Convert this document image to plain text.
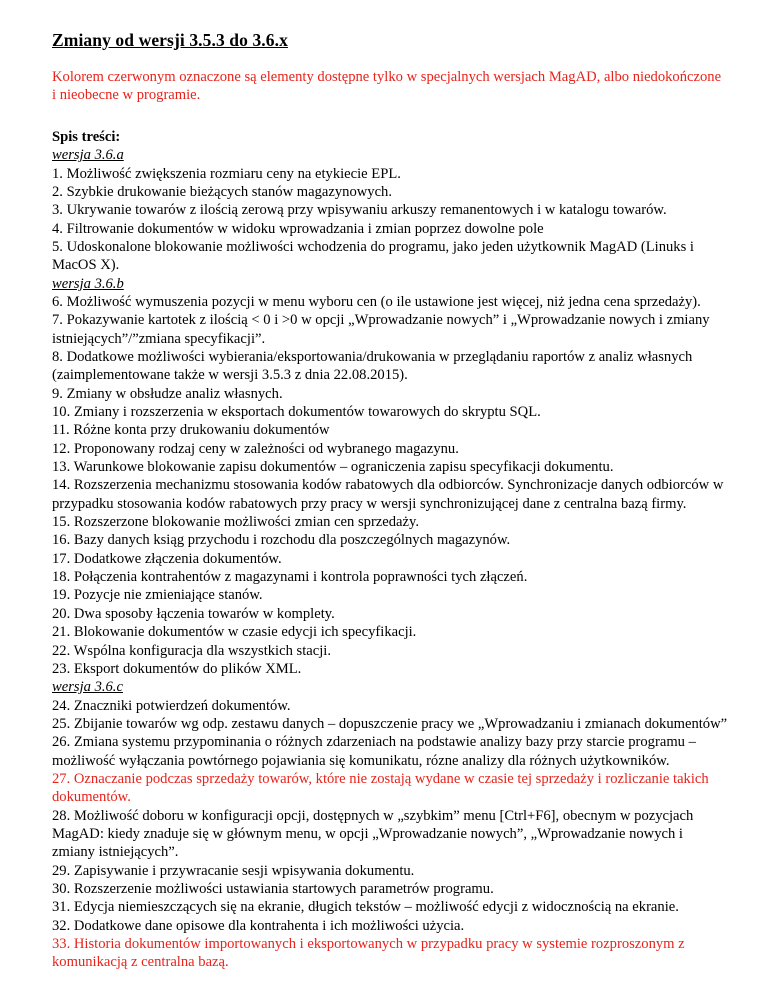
Zmiany od wersji 3.5.3 do 3.6.x

Kolorem czerwonym oznaczone są elementy dostępne tylko w specjalnych wersjach MagAD, albo niedokończone i nieobecne w programie.

Spis treści:
wersja 3.6.a
1. Możliwość zwiększenia rozmiaru ceny na etykiecie EPL.
2. Szybkie drukowanie bieżących stanów magazynowych.
3. Ukrywanie towarów z ilością zerową przy wpisywaniu arkuszy remanentowych i w katalogu towarów.
4. Filtrowanie dokumentów w widoku wprowadzania i zmian poprzez dowolne pole
5. Udoskonalone blokowanie możliwości wchodzenia do programu, jako jeden użytkownik MagAD (Linuks i MacOS X).
wersja 3.6.b
6. Możliwość wymuszenia pozycji w menu wyboru cen (o ile ustawione jest więcej, niż jedna cena sprzedaży).
7. Pokazywanie kartotek z ilością < 0 i >0 w opcji „Wprowadzanie nowych” i „Wprowadzanie nowych i zmiany istniejących”/”zmiana specyfikacji”.
8. Dodatkowe możliwości wybierania/eksportowania/drukowania w przeglądaniu raportów z analiz własnych (zaimplementowane także w wersji 3.5.3 z dnia 22.08.2015).
9. Zmiany w obsłudze analiz własnych.
10. Zmiany i rozszerzenia w eksportach dokumentów towarowych do skryptu SQL.
11. Różne konta przy drukowaniu dokumentów
12. Proponowany rodzaj ceny w zależności od wybranego magazynu.
13. Warunkowe blokowanie zapisu dokumentów – ograniczenia zapisu specyfikacji dokumentu.
14. Rozszerzenia mechanizmu stosowania kodów rabatowych dla odbiorców. Synchronizacje danych odbiorców w przypadku stosowania kodów rabatowych przy pracy w wersji synchronizującej dane z centralna bazą firmy.
15. Rozszerzone blokowanie możliwości zmian cen sprzedaży.
16. Bazy danych ksiąg przychodu i rozchodu dla poszczególnych magazynów.
17. Dodatkowe złączenia dokumentów.
18. Połączenia kontrahentów z magazynami i kontrola poprawności tych złączeń.
19. Pozycje nie zmieniające stanów.
20. Dwa sposoby łączenia towarów w komplety.
21. Blokowanie dokumentów w czasie edycji ich specyfikacji.
22. Wspólna konfiguracja dla wszystkich stacji.
23. Eksport dokumentów do plików XML.
wersja 3.6.c
24. Znaczniki potwierdzeń dokumentów.
25. Zbijanie towarów wg odp. zestawu danych – dopuszczenie pracy we „Wprowadzaniu i zmianach dokumentów”
26. Zmiana systemu przypominania o różnych zdarzeniach na podstawie analizy bazy przy starcie programu – możliwość wyłączania powtórnego pojawiania się komunikatu, rózne analizy dla różnych użytkowników.
27. Oznaczanie podczas sprzedaży towarów, które nie zostają wydane w czasie tej sprzedaży i rozliczanie takich dokumentów.
28. Możliwość doboru w konfiguracji opcji, dostępnych w „szybkim” menu [Ctrl+F6], obecnym w pozycjach MagAD: kiedy znaduje się w głównym menu, w opcji „Wprowadzanie nowych”, „Wprowadzanie nowych i zmiany istniejących”.
29. Zapisywanie i przywracanie sesji wpisywania dokumentu.
30. Rozszerzenie możliwości ustawiania startowych parametrów programu.
31. Edycja niemieszczących się na ekranie, długich tekstów – możliwość edycji z widocznością na ekranie.
32. Dodatkowe dane opisowe dla kontrahenta i ich możliwości użycia.
33. Historia dokumentów importowanych i eksportowanych w przypadku pracy w systemie rozproszonym z komunikacją z centralna bazą.
